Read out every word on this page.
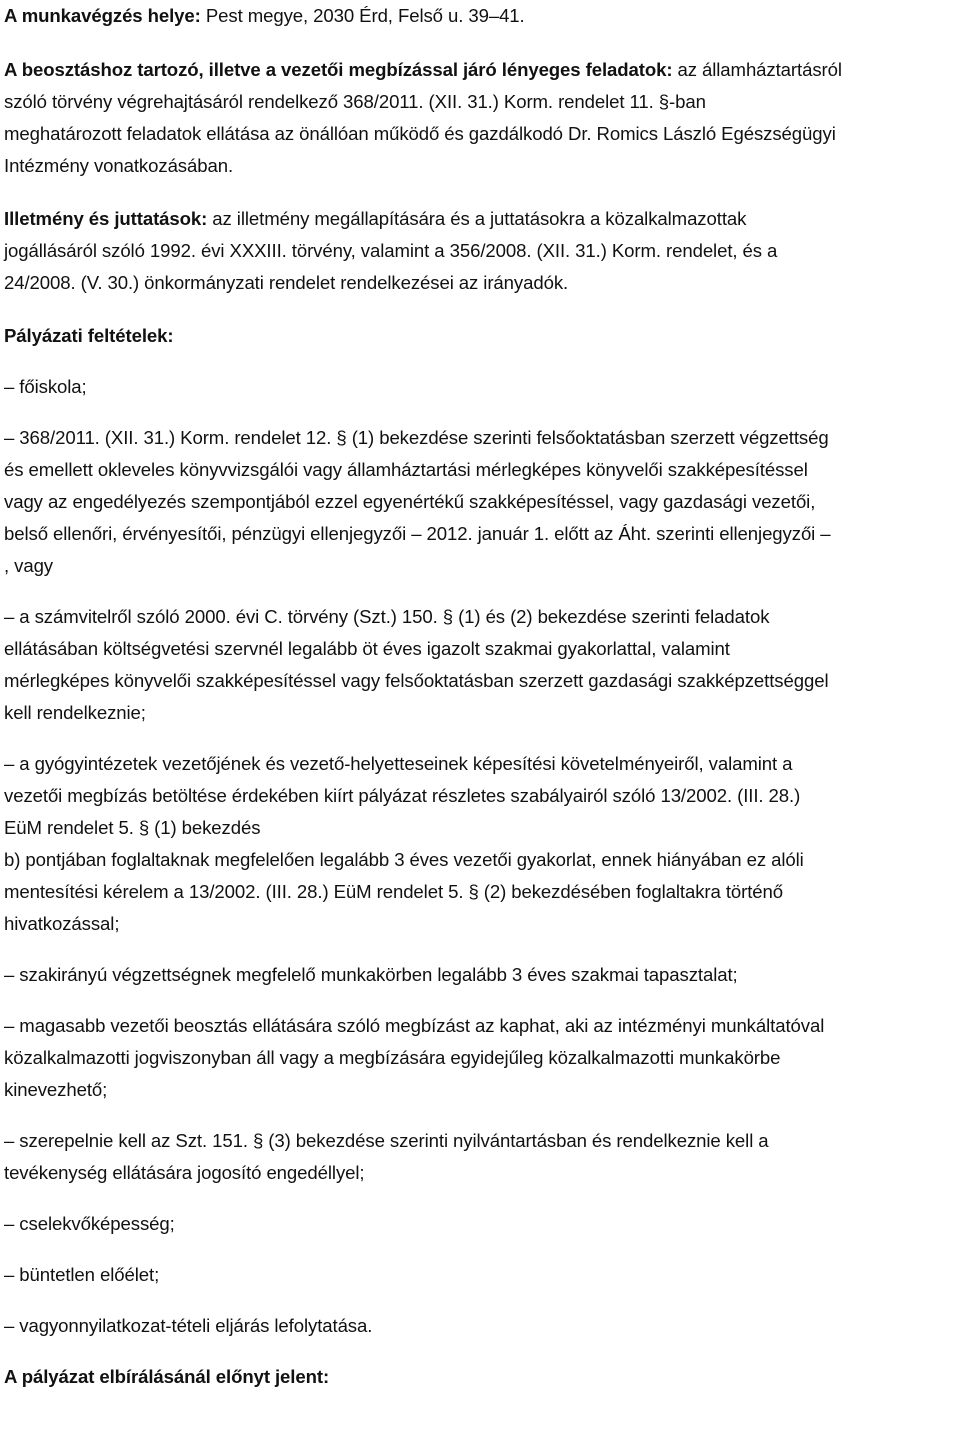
A munkavégzés helye: Pest megye, 2030 Érd, Felső u. 39–41.
A beosztáshoz tartozó, illetve a vezetői megbízással járó lényeges feladatok: az államháztartásról
szóló törvény végrehajtásáról rendelkező 368/2011. (XII. 31.) Korm. rendelet 11. §-ban
meghatározott feladatok ellátása az önállóan működő és gazdálkodó Dr. Romics László Egészségügyi
Intézmény vonatkozásában.
Illetmény és juttatások: az illetmény megállapítására és a juttatásokra a közalkalmazottak
jogállásáról szóló 1992. évi XXXIII. törvény, valamint a 356/2008. (XII. 31.) Korm. rendelet, és a
24/2008. (V. 30.) önkormányzati rendelet rendelkezései az irányadók.
Pályázati feltételek:
– főiskola;
– 368/2011. (XII. 31.) Korm. rendelet 12. § (1) bekezdése szerinti felsőoktatásban szerzett végzettség
és emellett okleveles könyvvizsgálói vagy államháztartási mérlegképes könyvelői szakképesítéssel
vagy az engedélyezés szempontjából ezzel egyenértékű szakképesítéssel, vagy gazdasági vezetői,
belső ellenőri, érvényesítői, pénzügyi ellenjegyzői – 2012. január 1. előtt az Áht. szerinti ellenjegyzői –
, vagy
– a számvitelről szóló 2000. évi C. törvény (Szt.) 150. § (1) és (2) bekezdése szerinti feladatok
ellátásában költségvetési szervnél legalább öt éves igazolt szakmai gyakorlattal, valamint
mérlegképes könyvelői szakképesítéssel vagy felsőoktatásban szerzett gazdasági szakképzettséggel
kell rendelkeznie;
– a gyógyintézetek vezetőjének és vezető-helyetteseinek képesítési követelményeiről, valamint a
vezetői megbízás betöltése érdekében kiírt pályázat részletes szabályairól szóló 13/2002. (III. 28.)
EüM rendelet 5. § (1) bekezdés
b) pontjában foglaltaknak megfelelően legalább 3 éves vezetői gyakorlat, ennek hiányában ez alóli
mentesítési kérelem a 13/2002. (III. 28.) EüM rendelet 5. § (2) bekezdésében foglaltakra történő
hivatkozással;
– szakirányú végzettségnek megfelelő munkakörben legalább 3 éves szakmai tapasztalat;
– magasabb vezetői beosztás ellátására szóló megbízást az kaphat, aki az intézményi munkáltatóval
közalkalmazotti jogviszonyban áll vagy a megbízására egyidejűleg közalkalmazotti munkakörbe
kinevezhető;
– szerepelnie kell az Szt. 151. § (3) bekezdése szerinti nyilvántartásban és rendelkeznie kell a
tevékenység ellátására jogosító engedéllyel;
– cselekvőképesség;
– büntetlen előélet;
– vagyonnyilatkozat-tételi eljárás lefolytatása.
A pályázat elbírálásánál előnyt jelent:
